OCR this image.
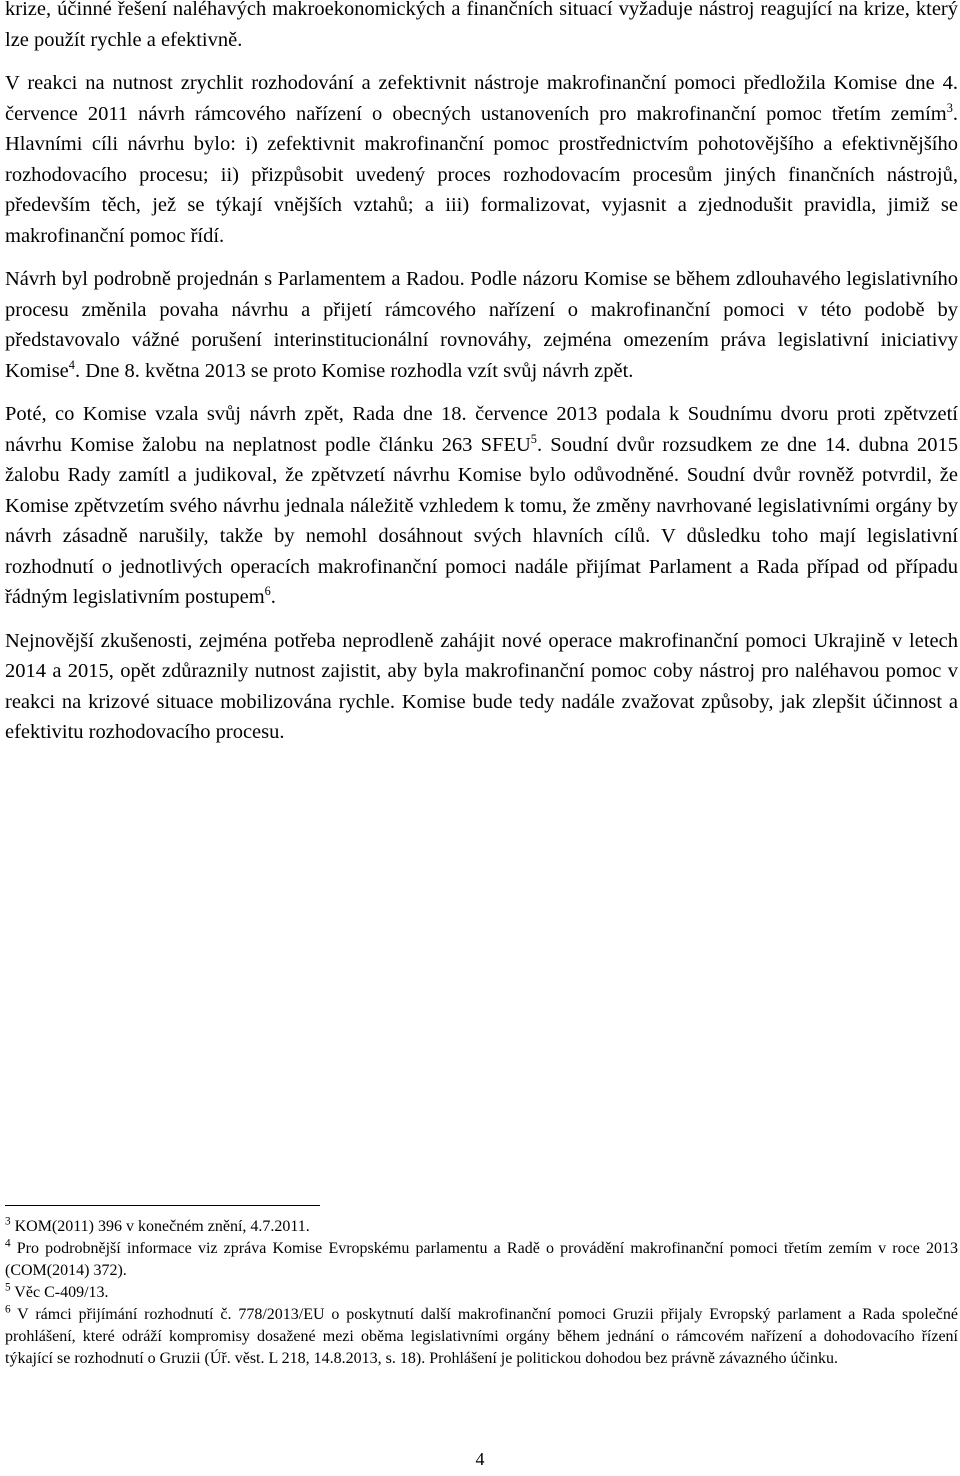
krize, účinné řešení naléhavých makroekonomických a finančních situací vyžaduje nástroj reagující na krize, který lze použít rychle a efektivně.

V reakci na nutnost zrychlit rozhodování a zefektivnit nástroje makrofinanční pomoci předložila Komise dne 4. července 2011 návrh rámcového nařízení o obecných ustanoveních pro makrofinanční pomoc třetím zemím$^3$. Hlavními cíli návrhu bylo: i) zefektivnit makrofinanční pomoc prostřednictvím pohotovějšího a efektivnějšího rozhodovacího procesu; ii) přizpůsobit uvedený proces rozhodovacím procesům jiných finančních nástrojů, především těch, jež se týkají vnějších vztahů; a iii) formalizovat, vyjasnit a zjednodušit pravidla, jimiž se makrofinanční pomoc řídí.

Návrh byl podrobně projednán s Parlamentem a Radou. Podle názoru Komise se během zdlouhavého legislativního procesu změnila povaha návrhu a přijetí rámcového nařízení o makrofinanční pomoci v této podobě by představovalo vážné porušení interinstitucionální rovnováhy, zejména omezením práva legislativní iniciativy Komise$^4$. Dne 8. května 2013 se proto Komise rozhodla vzít svůj návrh zpět.

Poté, co Komise vzala svůj návrh zpět, Rada dne 18. července 2013 podala k Soudnímu dvoru proti zpětvzetí návrhu Komise žalobu na neplatnost podle článku 263 SFEU$^5$. Soudní dvůr rozsudkem ze dne 14. dubna 2015 žalobu Rady zamítl a judikoval, že zpětvzetí návrhu Komise bylo odůvodněné. Soudní dvůr rovněž potvrdil, že Komise zpětvzetím svého návrhu jednala náležitě vzhledem k tomu, že změny navrhované legislativními orgány by návrh zásadně narušily, takže by nemohl dosáhnout svých hlavních cílů. V důsledku toho mají legislativní rozhodnutí o jednotlivých operacích makrofinanční pomoci nadále přijímat Parlament a Rada případ od případu řádným legislativním postupem$^6$.

Nejnovější zkušenosti, zejména potřeba neprodleně zahájit nové operace makrofinanční pomoci Ukrajině v letech 2014 a 2015, opět zdůraznily nutnost zajistit, aby byla makrofinanční pomoc coby nástroj pro naléhavou pomoc v reakci na krizové situace mobilizována rychle. Komise bude tedy nadále zvažovat způsoby, jak zlepšit účinnost a efektivitu rozhodovacího procesu.

$^3$ KOM(2011) 396 v konečném znění, 4.7.2011.

$^4$ Pro podrobnější informace viz zpráva Komise Evropskému parlamentu a Radě o provádění makrofinanční pomoci třetím zemím v roce 2013 (COM(2014) 372).

$^5$ Věc C-409/13.

$^6$ V rámci přijímání rozhodnutí č. 778/2013/EU o poskytnutí další makrofinanční pomoci Gruzii přijaly Evropský parlament a Rada společné prohlášení, které odráží kompromisy dosažené mezi oběma legislativními orgány během jednání o rámcovém nařízení a dohodovacího řízení týkající se rozhodnutí o Gruzii (Úř. věst. L 218, 14.8.2013, s. 18). Prohlášení je politickou dohodou bez právně závazného účinku.

4
